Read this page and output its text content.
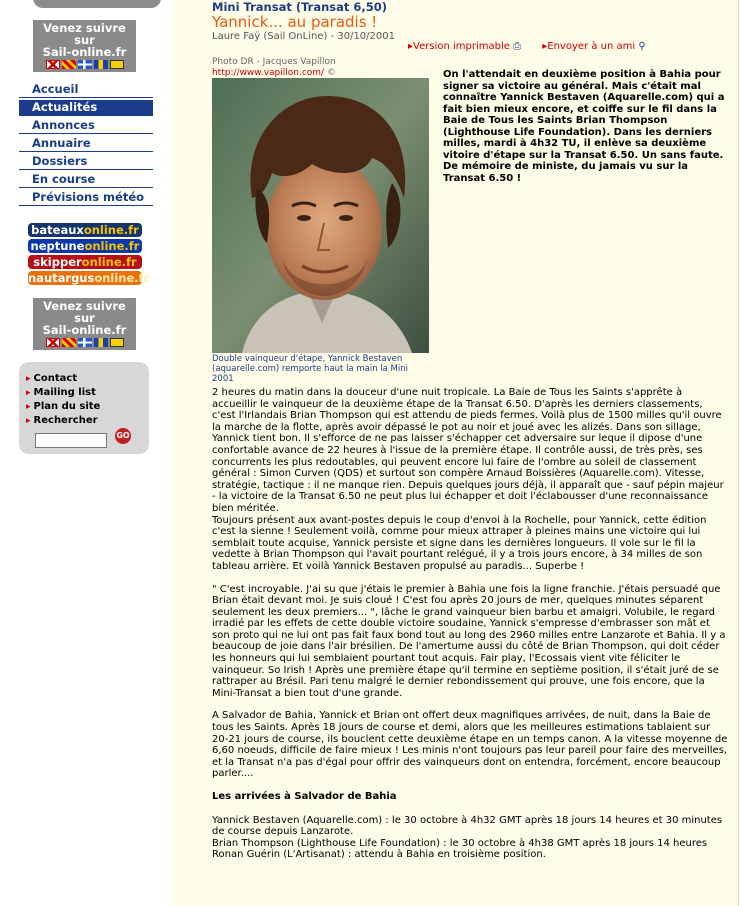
Venez suivre
sur
Sail-online.fr
Accueil
Actualités
Annonces
Annuaire
Dossiers
En course
Prévisions météo
bateauxonline.fr
neptuneonline.fr
skipperonline.fr
nautargusonline.fr
Venez suivre
sur
Sail-online.fr
▸ Contact
▸ Mailing list
▸ Plan du site
▸ Rechercher
GO
Mini Transat (Transat 6,50)
Yannick... au paradis !
Laure Faÿ (Sail OnLine) - 30/10/2001
▸Version imprimable ⎙ ▸Envoyer à un ami ⚲
Photo DR - Jacques Vapillon
http://www.vapillon.com/ ©
Double vainqueur d'étape, Yannick Bestaven (aquarelle.com) remporte haut la main la Mini 2001
On l'attendait en deuxième position à Bahia pour signer sa victoire au général. Mais c'était mal connaître Yannick Bestaven (Aquarelle.com) qui a fait bien mieux encore, et coiffe sur le fil dans la Baie de Tous les Saints Brian Thompson (Lighthouse Life Foundation). Dans les derniers milles, mardi à 4h32 TU, il enlève sa deuxième vitoire d'étape sur la Transat 6.50. Un sans faute. De mémoire de ministe, du jamais vu sur la Transat 6.50 !

2 heures du matin dans la douceur d'une nuit tropicale. La Baie de Tous les Saints s'apprête à accueillir le vainqueur de la deuxième étape de la Transat 6.50. D'après les derniers classements, c'est l'Irlandais Brian Thompson qui est attendu de pieds fermes. Voilà plus de 1500 milles qu'il ouvre la marche de la flotte, après avoir dépassé le pot au noir et joué avec les alizés. Dans son sillage, Yannick tient bon. Il s'efforce de ne pas laisser s'échapper cet adversaire sur leque il dipose d'une confortable avance de 22 heures à l'issue de la première étape. Il contrôle aussi, de très près, ses concurrents les plus redoutables, qui peuvent encore lui faire de l'ombre au soleil de classement général : Simon Curven (QDS) et surtout son compère Arnaud Boissières (Aquarelle.com). Vitesse, stratégie, tactique : il ne manque rien. Depuis quelques jours déjà, il apparaît que - sauf pépin majeur - la victoire de la Transat 6.50 ne peut plus lui échapper et doit l'éclabousser d'une reconnaissance bien méritée.

Toujours présent aux avant-postes depuis le coup d'envoi à la Rochelle, pour Yannick, cette édition c'est la sienne ! Seulement voilà, comme pour mieux attraper à pleines mains une victoire qui lui semblait toute acquise, Yannick persiste et signe dans les dernières longueurs. Il vole sur le fil la vedette à Brian Thompson qui l'avait pourtant relégué, il y a trois jours encore, à 34 milles de son tableau arrière. Et voilà Yannick Bestaven propulsé au paradis... Superbe !

" C'est incroyable. J'ai su que j'étais le premier à Bahia une fois la ligne franchie. J'étais persuadé que Brian était devant moi. Je suis cloué ! C'est fou après 20 jours de mer, quelques minutes séparent seulement les deux premiers... ", lâche le grand vainqueur bien barbu et amaigri. Volubile, le regard irradié par les effets de cette double victoire soudaine, Yannick s'empresse d'embrasser son mât et son proto qui ne lui ont pas fait faux bond tout au long des 2960 milles entre Lanzarote et Bahia. Il y a beaucoup de joie dans l'air brésilien. De l'amertume aussi du côté de Brian Thompson, qui doit céder les honneurs qui lui semblaient pourtant tout acquis. Fair play, l'Ecossais vient vite féliciter le vainqueur. So Irish ! Après une première étape qu'il termine en septième position, il s'était juré de se rattraper au Brésil. Pari tenu malgré le dernier rebondissement qui prouve, une fois encore, que la Mini-Transat a bien tout d'une grande.

A Salvador de Bahia, Yannick et Brian ont offert deux magnifiques arrivées, de nuit, dans la Baie de tous les Saints. Après 18 jours de course et demi, alors que les meilleures estimations tablaient sur 20-21 jours de course, ils bouclent cette deuxième étape en un temps canon. A la vitesse moyenne de 6,60 noeuds, difficile de faire mieux ! Les minis n'ont toujours pas leur pareil pour faire des merveilles, et la Transat n'a pas d'égal pour offrir des vainqueurs dont on entendra, forcément, encore beaucoup parler....

Les arrivées à Salvador de Bahia
Yannick Bestaven (Aquarelle.com) : le 30 octobre à 4h32 GMT après 18 jours 14 heures et 30 minutes de course depuis Lanzarote.
Brian Thompson (Lighthouse Life Foundation) : le 30 octobre à 4h38 GMT après 18 jours 14 heures
Ronan Guérin (L'Artisanat) : attendu à Bahia en troisième position.
